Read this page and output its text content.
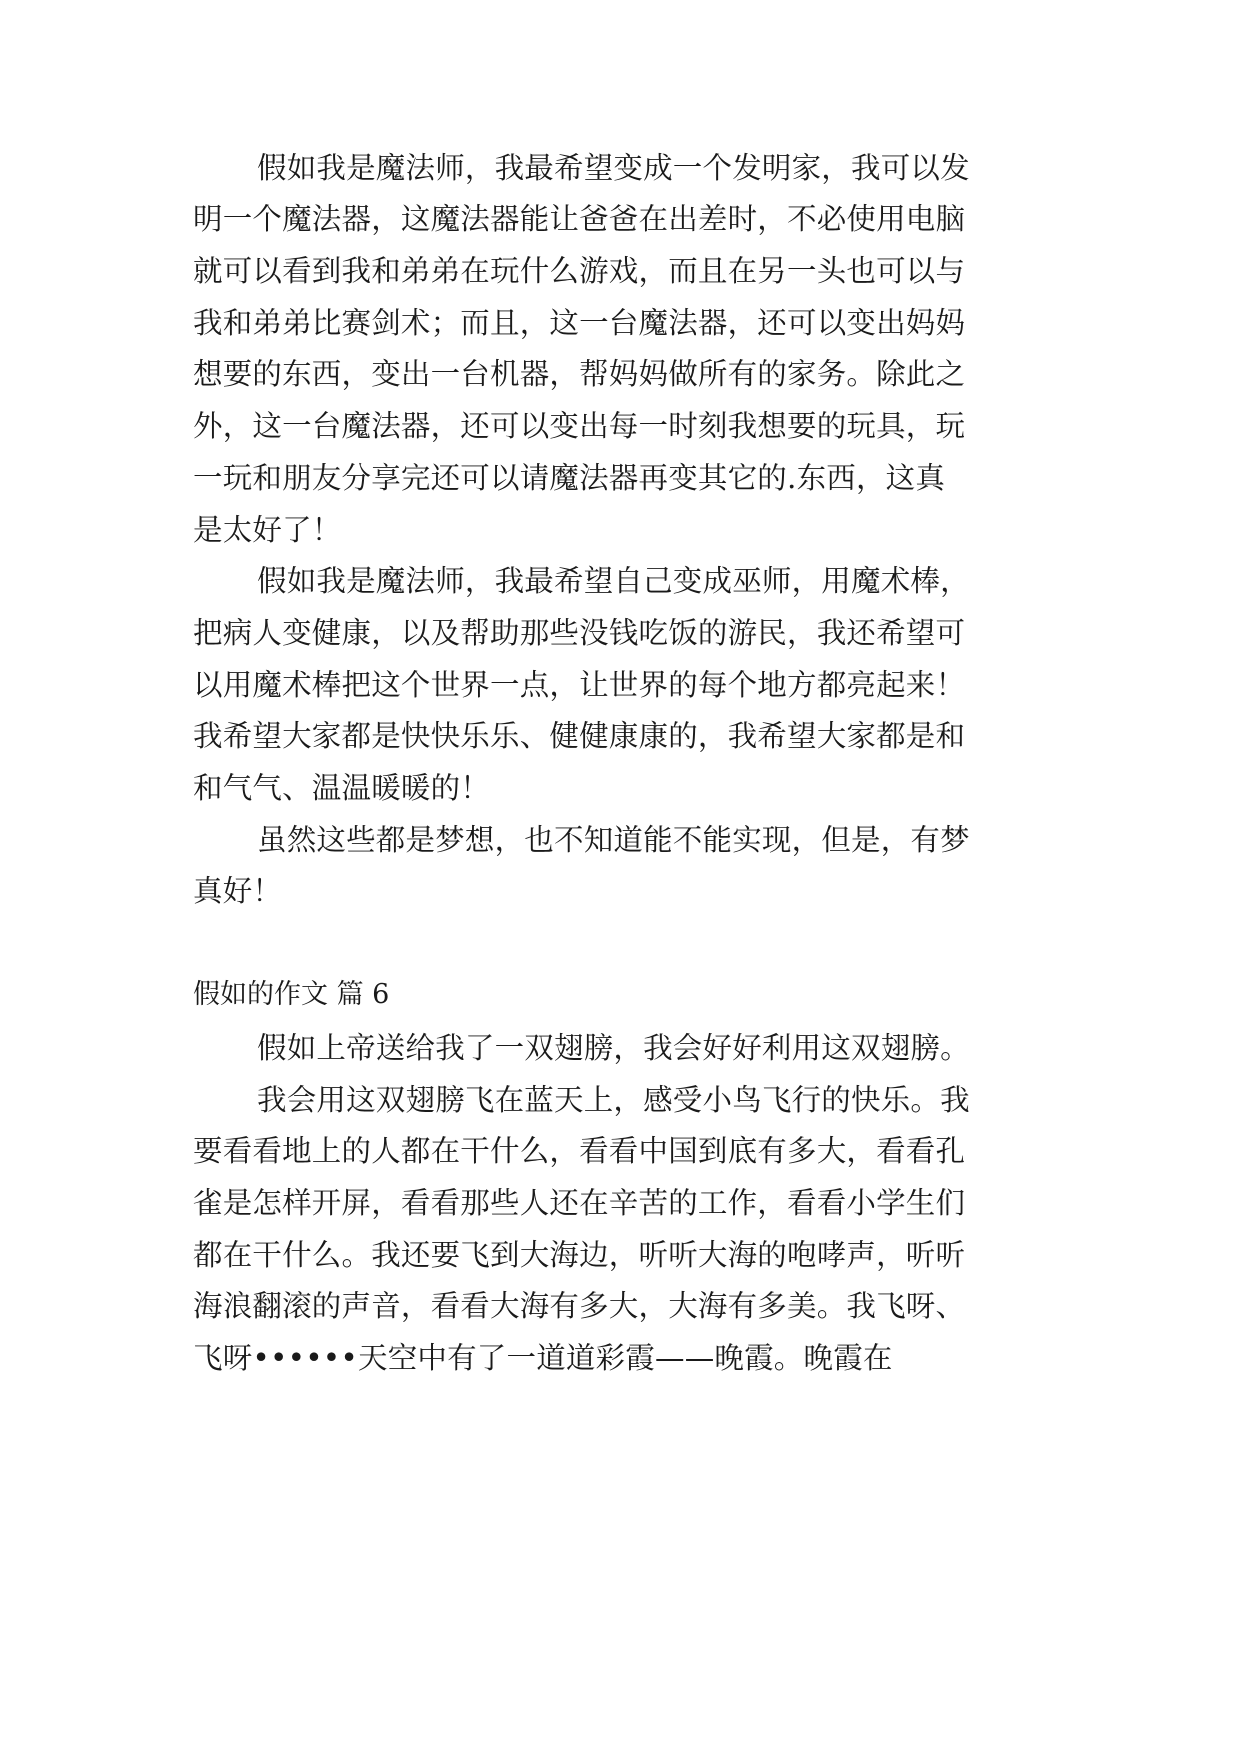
假如我是魔法师，我最希望变成一个发明家，我可以发
明一个魔法器，这魔法器能让爸爸在出差时，不必使用电脑
就可以看到我和弟弟在玩什么游戏，而且在另一头也可以与
我和弟弟比赛剑术；而且，这一台魔法器，还可以变出妈妈
想要的东西，变出一台机器，帮妈妈做所有的家务。除此之
外，这一台魔法器，还可以变出每一时刻我想要的玩具，玩
一玩和朋友分享完还可以请魔法器再变其它的.东西，这真
是太好了！
假如我是魔法师，我最希望自己变成巫师，用魔术棒，
把病人变健康，以及帮助那些没钱吃饭的游民，我还希望可
以用魔术棒把这个世界一点，让世界的每个地方都亮起来！
我希望大家都是快快乐乐、健健康康的，我希望大家都是和
和气气、温温暖暖的！
虽然这些都是梦想，也不知道能不能实现，但是，有梦
真好！
假如的作文 篇 6
假如上帝送给我了一双翅膀，我会好好利用这双翅膀。
我会用这双翅膀飞在蓝天上，感受小鸟飞行的快乐。我
要看看地上的人都在干什么，看看中国到底有多大，看看孔
雀是怎样开屏，看看那些人还在辛苦的工作，看看小学生们
都在干什么。我还要飞到大海边，听听大海的咆哮声，听听
海浪翻滚的声音，看看大海有多大，大海有多美。我飞呀、
飞呀••••••天空中有了一道道彩霞——晚霞。晚霞在
